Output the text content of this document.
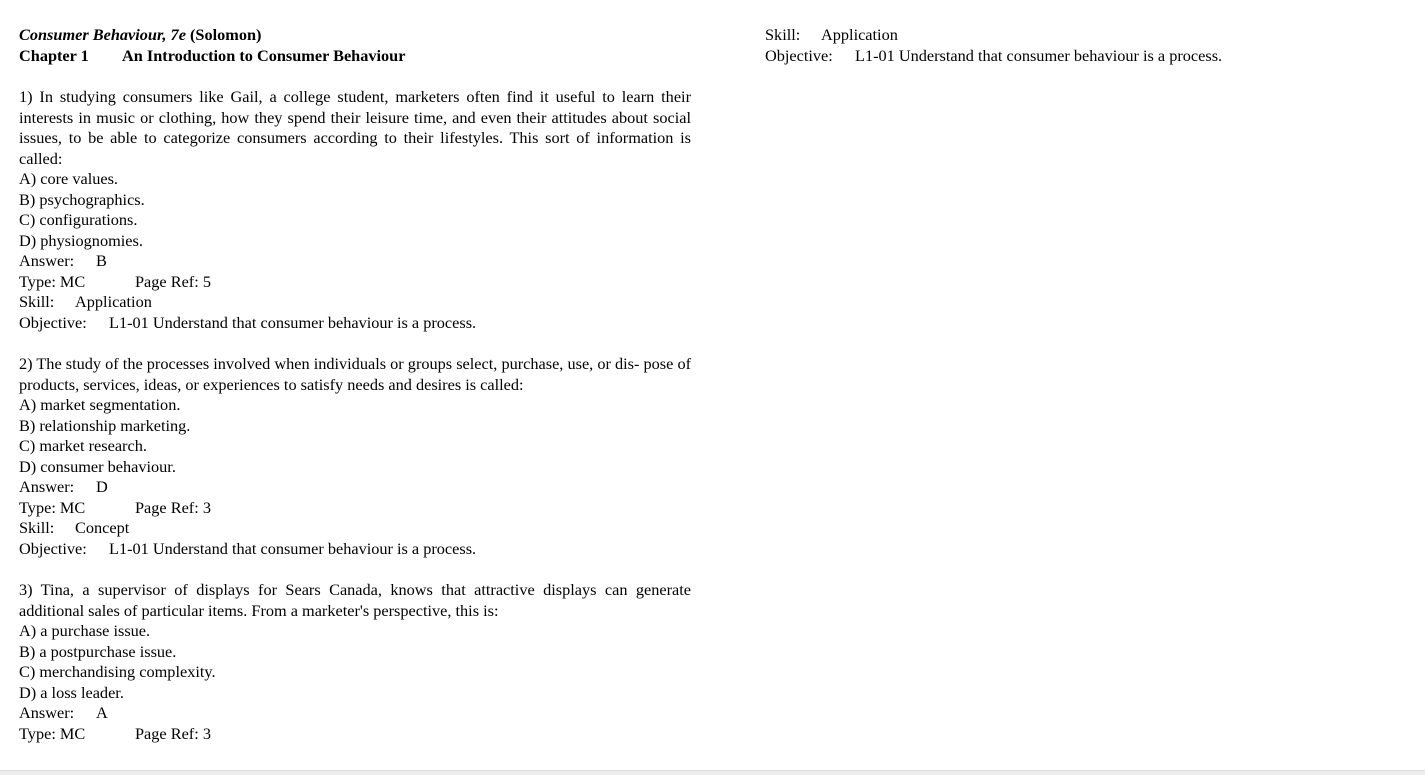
Consumer Behaviour, 7e (Solomon)
Chapter 1 An Introduction to Consumer Behaviour
1) In studying consumers like Gail, a college student, marketers often find it useful to learn their interests in music or clothing, how they spend their leisure time, and even their attitudes about social issues, to be able to categorize consumers according to their lifestyles. This sort of information is called:
A) core values.
B) psychographics.
C) configurations.
D) physiognomies.
Answer: B
Type: MC	Page Ref: 5
Skill: Application
Objective: L1-01 Understand that consumer behaviour is a process.
2) The study of the processes involved when individuals or groups select, purchase, use, or dis- pose of products, services, ideas, or experiences to satisfy needs and desires is called:
A) market segmentation.
B) relationship marketing.
C) market research.
D) consumer behaviour.
Answer: D
Type: MC	Page Ref: 3
Skill: Concept
Objective: L1-01 Understand that consumer behaviour is a process.
3) Tina, a supervisor of displays for Sears Canada, knows that attractive displays can generate additional sales of particular items. From a marketer's perspective, this is:
A) a purchase issue.
B) a postpurchase issue.
C) merchandising complexity.
D) a loss leader.
Answer: A
Type: MC	Page Ref: 3
Skill: Application
Objective: L1-01 Understand that consumer behaviour is a process.
